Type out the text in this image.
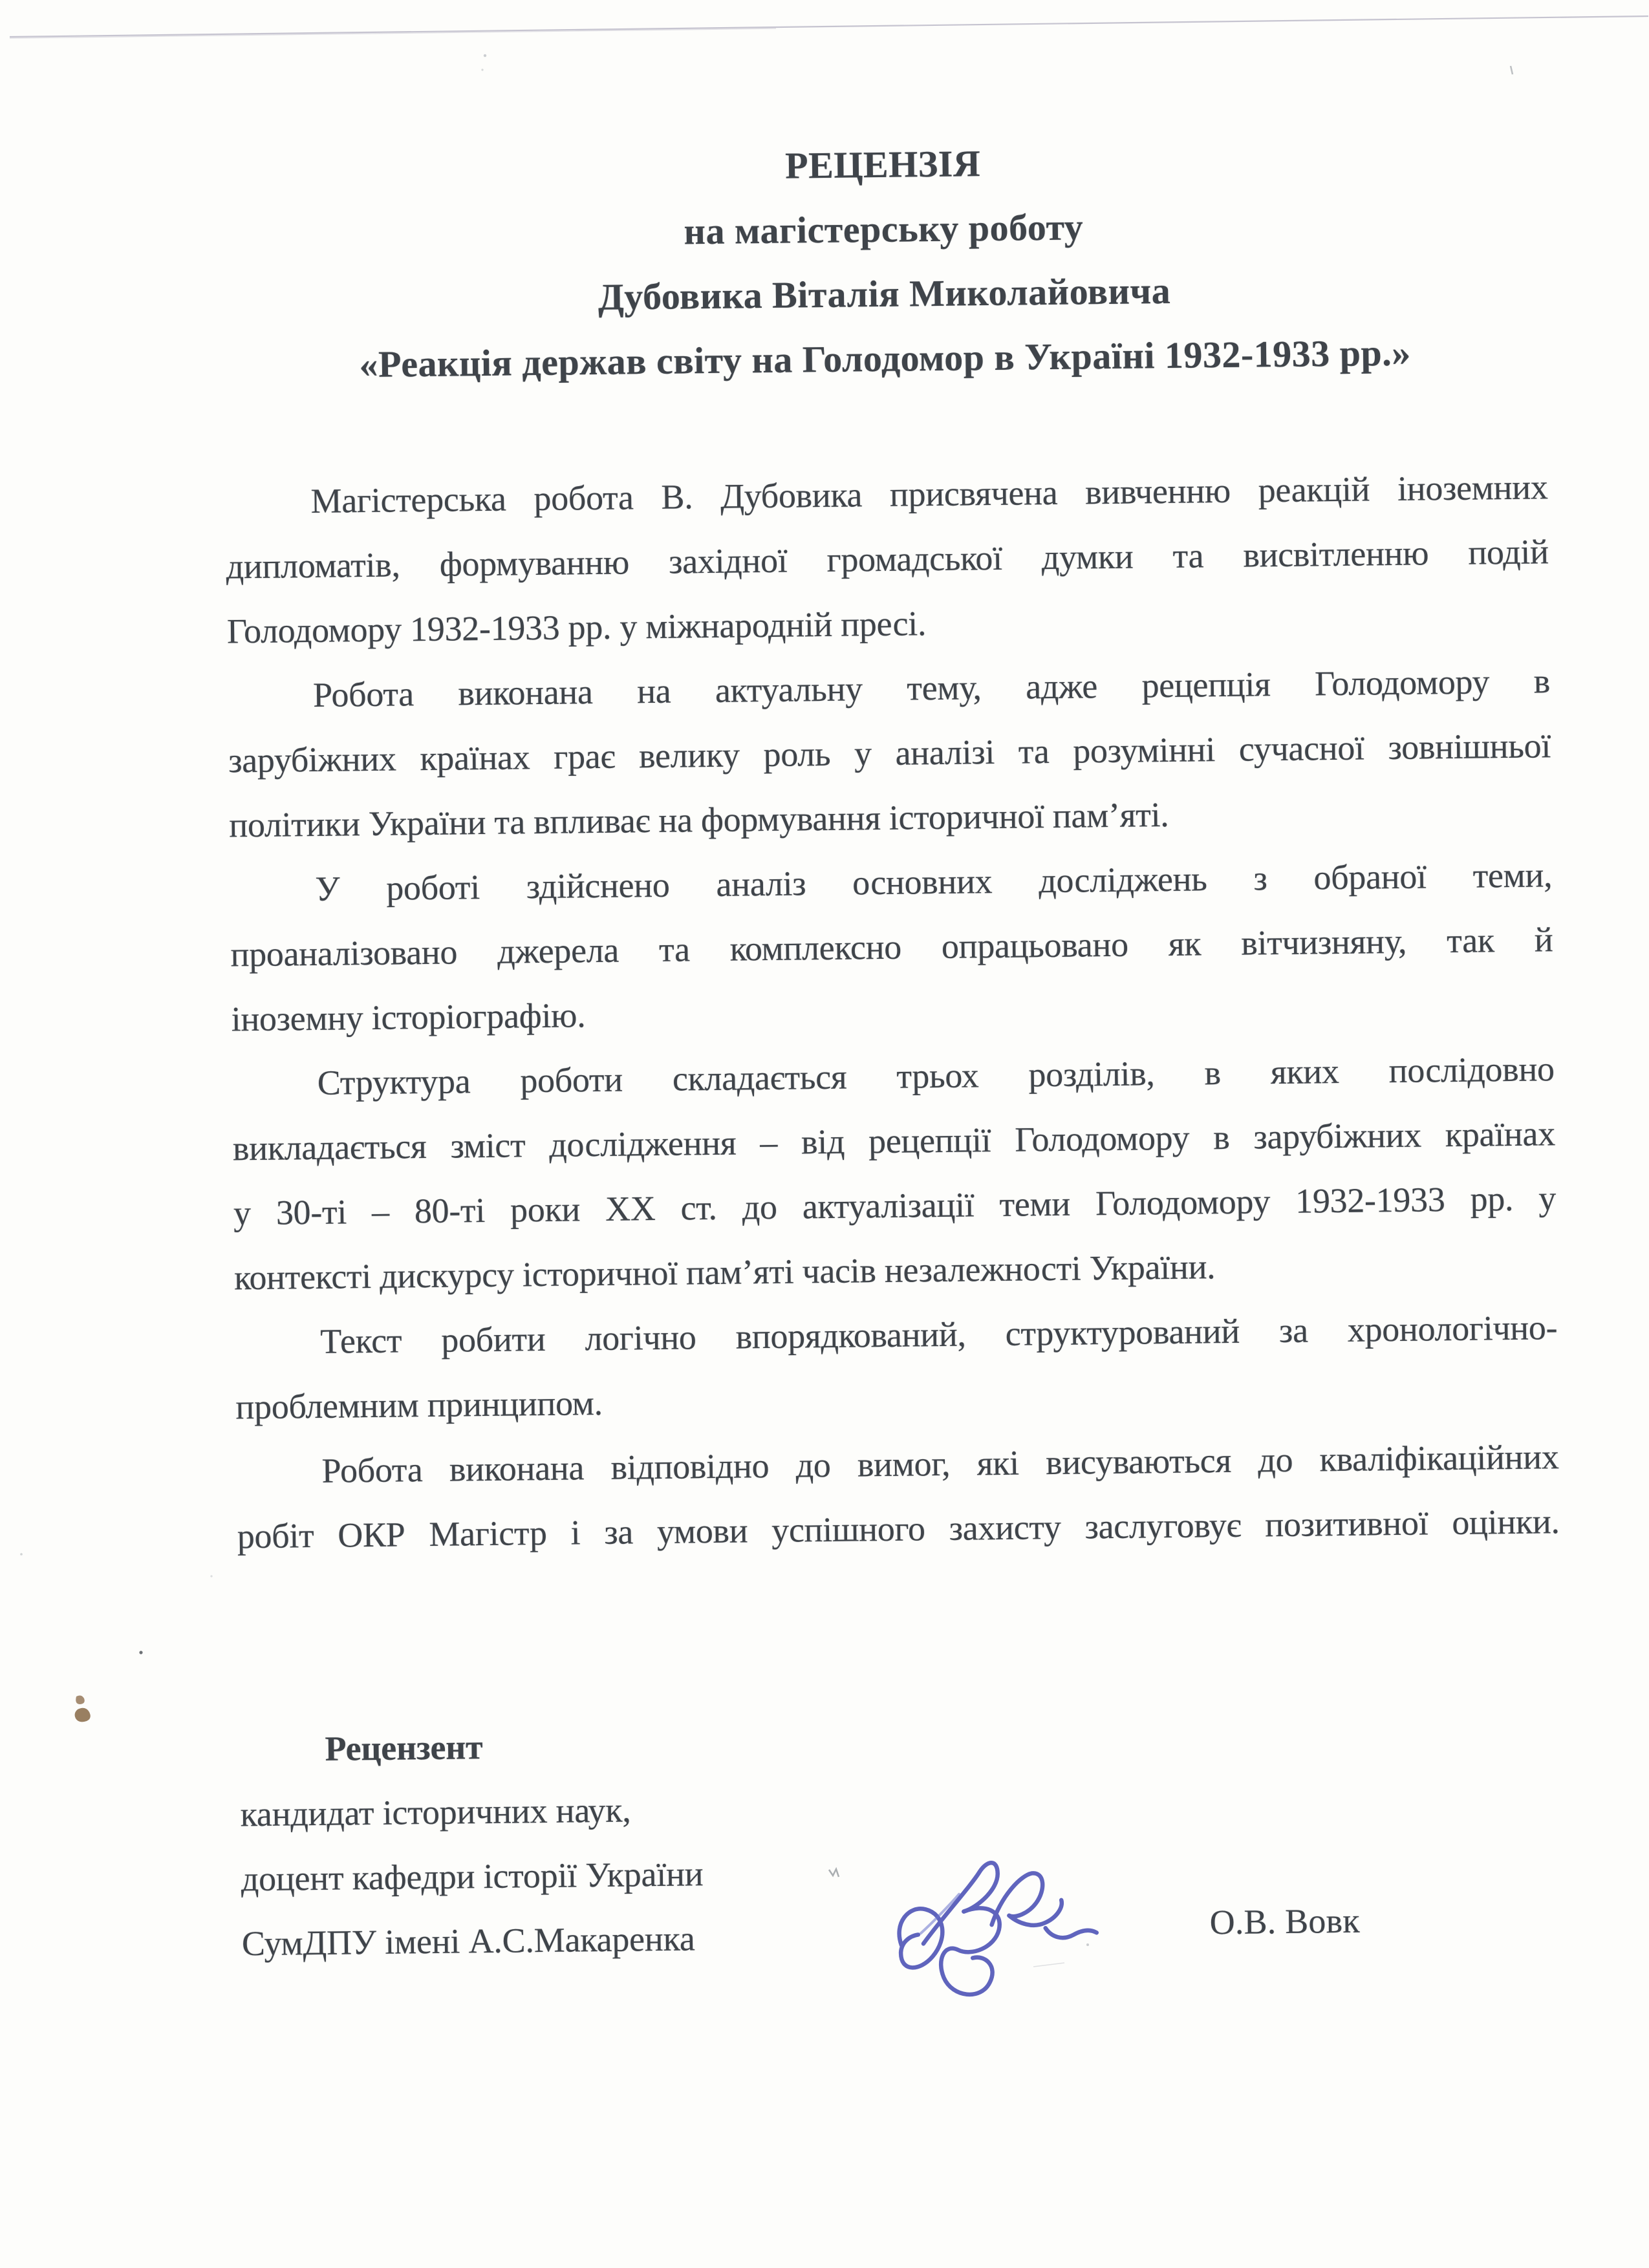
РЕЦЕНЗІЯ
на магістерську роботу
Дубовика Віталія Миколайовича
«Реакція держав світу на Голодомор в Україні 1932-1933 рр.»
Магістерська робота В. Дубовика присвячена вивченню реакцій іноземних
дипломатів, формуванню західної громадської думки та висвітленню подій
Голодомору 1932-1933 рр. у міжнародній пресі.
Робота виконана на актуальну тему, адже рецепція Голодомору в
зарубіжних країнах грає велику роль у аналізі та розумінні сучасної зовнішньої
політики України та впливає на формування історичної пам’яті.
У роботі здійснено аналіз основних досліджень з обраної теми,
проаналізовано джерела та комплексно опрацьовано як вітчизняну, так й
іноземну історіографію.
Структура роботи складається трьох розділів, в яких послідовно
викладається зміст дослідження – від рецепції Голодомору в зарубіжних країнах
у 30-ті – 80-ті роки XX ст. до актуалізації теми Голодомору 1932-1933 рр. у
контексті дискурсу історичної пам’яті часів незалежності України.
Текст робити логічно впорядкований, структурований за хронологічно-
проблемним принципом.
Робота виконана відповідно до вимог, які висуваються до кваліфікаційних
робіт ОКР Магістр і за умови успішного захисту заслуговує позитивної оцінки.
Рецензент
кандидат історичних наук,
доцент кафедри історії України
СумДПУ імені А.С.Макаренка	О.В. Вовк
